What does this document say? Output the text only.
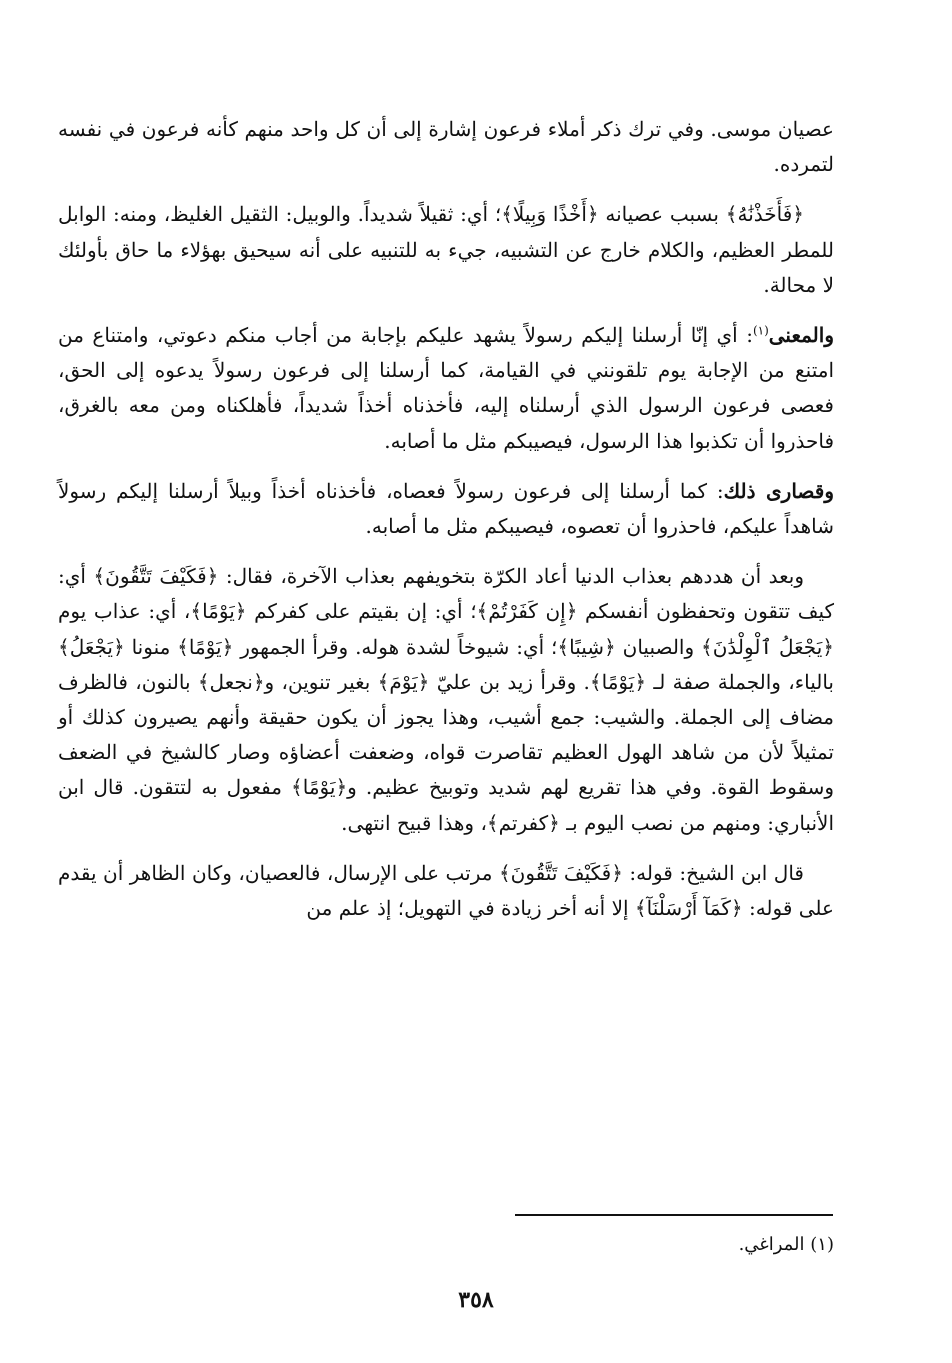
عصيان موسى. وفي ترك ذكر أملاء فرعون إشارة إلى أن كل واحد منهم كأنه فرعون في نفسه لتمرده.

﴿فَأَخَذْنَٰهُ﴾ بسبب عصيانه ﴿أَخْذًا وَبِيلًا﴾؛ أي: ثقيلاً شديداً. والوبيل: الثقيل الغليظ، ومنه: الوابل للمطر العظيم، والكلام خارج عن التشبيه، جيء به للتنبيه على أنه سيحيق بهؤلاء ما حاق بأولئك لا محالة.

والمعنى$^{(١)}$: أي إنّا أرسلنا إليكم رسولاً يشهد عليكم بإجابة من أجاب منكم دعوتي، وامتناع من امتنع من الإجابة يوم تلقونني في القيامة، كما أرسلنا إلى فرعون رسولاً يدعوه إلى الحق، فعصى فرعون الرسول الذي أرسلناه إليه، فأخذناه أخذاً شديداً، فأهلكناه ومن معه بالغرق، فاحذروا أن تكذبوا هذا الرسول، فيصيبكم مثل ما أصابه.

وقصارى ذلك: كما أرسلنا إلى فرعون رسولاً فعصاه، فأخذناه أخذاً وبيلاً أرسلنا إليكم رسولاً شاهداً عليكم، فاحذروا أن تعصوه، فيصيبكم مثل ما أصابه.

وبعد أن هددهم بعذاب الدنيا أعاد الكرّة بتخويفهم بعذاب الآخرة، فقال: ﴿فَكَيْفَ تَتَّقُونَ﴾ أي: كيف تتقون وتحفظون أنفسكم ﴿إِن كَفَرْتُمْ﴾؛ أي: إن بقيتم على كفركم ﴿يَوْمًا﴾، أي: عذاب يوم ﴿يَجْعَلُ ٱلْوِلْدَٰنَ﴾ والصبيان ﴿شِيبًا﴾؛ أي: شيوخاً لشدة هوله. وقرأ الجمهور ﴿يَوْمًا﴾ منونا ﴿يَجْعَلُ﴾ بالياء، والجملة صفة لـ ﴿يَوْمًا﴾. وقرأ زيد بن عليّ ﴿يَوْمَ﴾ بغير تنوين، و﴿نجعل﴾ بالنون، فالظرف مضاف إلى الجملة. والشيب: جمع أشيب، وهذا يجوز أن يكون حقيقة وأنهم يصيرون كذلك أو تمثيلاً لأن من شاهد الهول العظيم تقاصرت قواه، وضعفت أعضاؤه وصار كالشيخ في الضعف وسقوط القوة. وفي هذا تقريع لهم شديد وتوبيخ عظيم. و﴿يَوْمًا﴾ مفعول به لتتقون. قال ابن الأنباري: ومنهم من نصب اليوم بـ ﴿كفرتم﴾، وهذا قبيح انتهى.

قال ابن الشيخ: قوله: ﴿فَكَيْفَ تَتَّقُونَ﴾ مرتب على الإرسال، فالعصيان، وكان الظاهر أن يقدم على قوله: ﴿كَمَآ أَرْسَلْنَآ﴾ إلا أنه أخر زيادة في التهويل؛ إذ علم من

(١) المراغي.
٣٥٨
